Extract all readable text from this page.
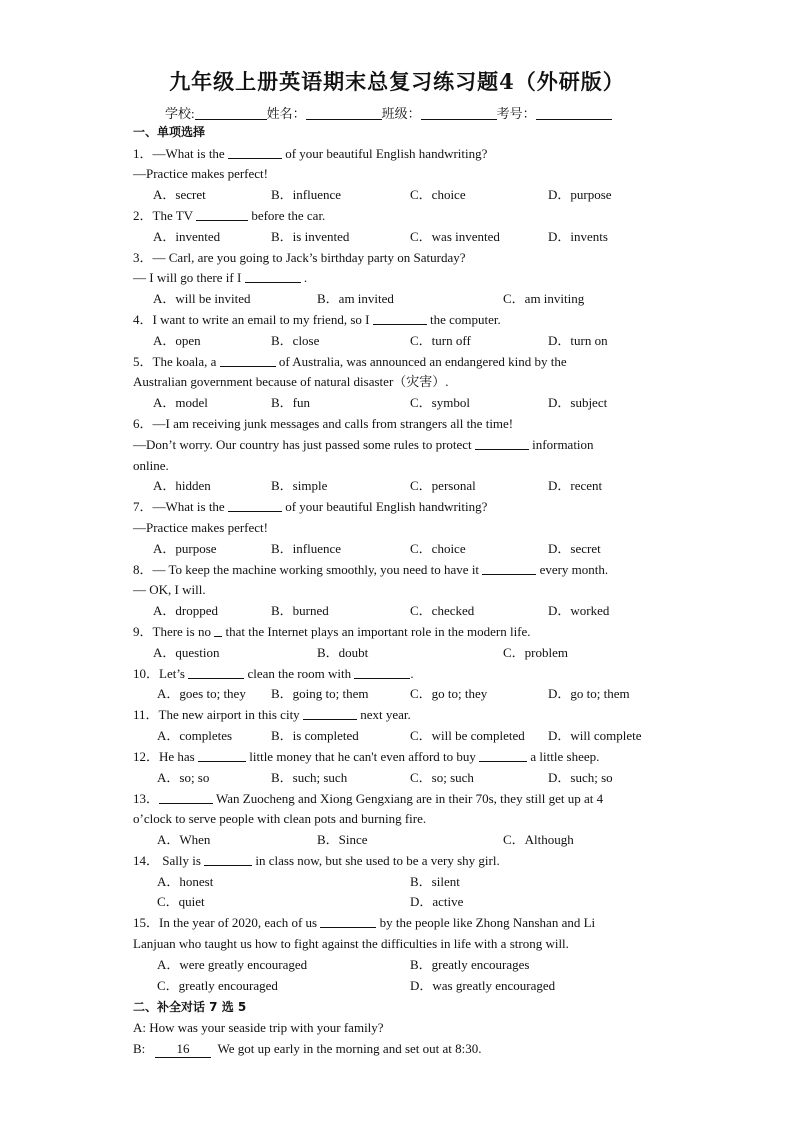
九年级上册英语期末总复习练习题4（外研版）
学校:	姓名：	班级：	考号：
一、单项选择
1．—What is the	of your beautiful English handwriting?
—Practice makes perfect!
A．secret	B．influence	C．choice	D．purpose
2．The TV	before the car.
A．invented	B．is invented	C．was invented	D．invents
3．— Carl, are you going to Jack’s birthday party on Saturday?
— I will go there if I	.
A．will be invited	B．am invited	C．am inviting
4．I want to write an email to my friend, so I	the computer.
A．open	B．close	C．turn off	D．turn on
5．The koala, a	of Australia, was announced an endangered kind by the
Australian government because of natural disaster（灾害）.
A．model	B．fun	C．symbol	D．subject
6．—I am receiving junk messages and calls from strangers all the time!
—Don’t worry. Our country has just passed some rules to protect	information
online.
A．hidden	B．simple	C．personal	D．recent
7．—What is the	of your beautiful English handwriting?
—Practice makes perfect!
A．purpose	B．influence	C．choice	D．secret
8．— To keep the machine working smoothly, you need to have it	every month.
— OK, I will.
A．dropped	B．burned	C．checked	D．worked
9．There is no that the Internet plays an important role in the modern life.
A．question	B．doubt	C．problem
10．Let’s	clean the room with	.
A．goes to; they B．going to; them	C．go to; they	D．go to; them
11．The new airport in this city	next year.
A．completes	B．is completed	C．will be completed D．will complete
12．He has	little money that he can't even afford to buy	a little sheep.
A．so; so	B．such; such	C．so; such	D．such; so
13．	Wan Zuocheng and Xiong Gengxiang are in their 70s, they still get up at 4
o’clock to serve people with clean pots and burning fire.
A．When	B．Since	C．Although
14． Sally is	in class now, but she used to be a very shy girl.
A．honest	B．silent
C．quiet	D．active
15．In the year of 2020, each of us	by the people like Zhong Nanshan and Li
Lanjuan who taught us how to fight against the difficulties in life with a strong will.
A．were greatly encouraged	B．greatly encourages
C．greatly encouraged	D．was greatly encouraged
二、补全对话 7 选 5
A: How was your seaside trip with your family?
B: 16 We got up early in the morning and set out at 8:30.
